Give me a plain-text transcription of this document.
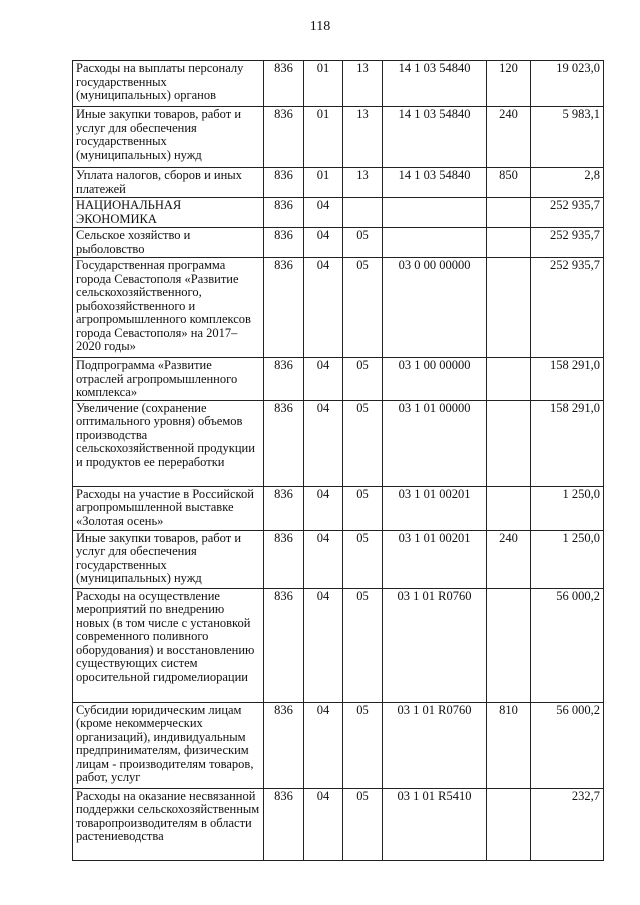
118
Расходы на выплаты персоналу государственных (муниципальных) органов	836	01	13	14 1 03 54840	120	19 023,0
Иные закупки товаров, работ и услуг для обеспечения государственных (муниципальных) нужд	836	01	13	14 1 03 54840	240	5 983,1
Уплата налогов, сборов и иных платежей	836	01	13	14 1 03 54840	850	2,8
НАЦИОНАЛЬНАЯ ЭКОНОМИКА	836	04				252 935,7
Сельское хозяйство и рыболовство	836	04	05			252 935,7
Государственная программа города Севастополя «Развитие сельскохозяйственного, рыбохозяйственного и агропромышленного комплексов города Севастополя» на 2017–2020 годы»	836	04	05	03 0 00 00000		252 935,7
Подпрограмма «Развитие отраслей агропромышленного комплекса»	836	04	05	03 1 00 00000		158 291,0
Увеличение (сохранение оптимального уровня) объемов производства сельскохозяйственной продукции и продуктов ее переработки	836	04	05	03 1 01 00000		158 291,0
Расходы на участие в Российской агропромышленной выставке «Золотая осень»	836	04	05	03 1 01 00201		1 250,0
Иные закупки товаров, работ и услуг для обеспечения государственных (муниципальных) нужд	836	04	05	03 1 01 00201	240	1 250,0
Расходы на осуществление мероприятий по внедрению новых (в том числе с установкой современного поливного оборудования) и восстановлению существующих систем оросительной гидромелиорации	836	04	05	03 1 01 R0760		56 000,2
Субсидии юридическим лицам (кроме некоммерческих организаций), индивидуальным предпринимателям, физическим лицам - производителям товаров, работ, услуг	836	04	05	03 1 01 R0760	810	56 000,2
Расходы на оказание несвязанной поддержки сельскохозяйственным товаропроизводителям в области растениеводства	836	04	05	03 1 01 R5410		232,7
